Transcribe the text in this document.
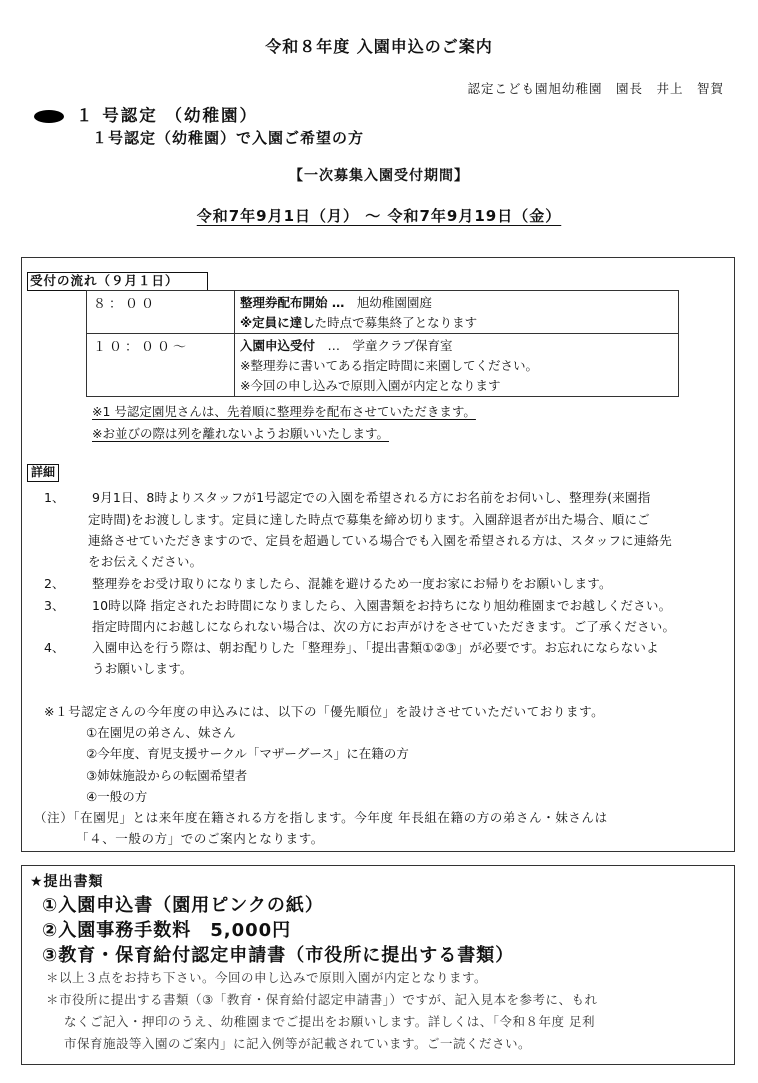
令和８年度 入園申込のご案内
認定こども園旭幼稚園　園長　井上　智賀
１ 号認定 （幼稚園）
１号認定（幼稚園）で入園ご希望の方
【一次募集入園受付期間】
令和7年9月1日（月） 〜 令和7年9月19日（金）
受付の流れ（９月１日）
８：００	整理券配布開始 …　旭幼稚園園庭
※定員に達した時点で募集終了となります

１０：００〜	入園申込受付　…　学童クラブ保育室
※整理券に書いてある指定時間に来園してください。
※今回の申し込みで原則入園が内定となります
※1 号認定園児さんは、先着順に整理券を配布させていただきます。
※お並びの際は列を離れないようお願いいたします。
詳細
1、 9月1日、8時よりスタッフが1号認定での入園を希望される方にお名前をお伺いし、整理券(来園指
定時間)をお渡しします。定員に達した時点で募集を締め切ります。入園辞退者が出た場合、順にご
連絡させていただきますので、定員を超過している場合でも入園を希望される方は、スタッフに連絡先
をお伝えください。
2、 整理券をお受け取りになりましたら、混雑を避けるため一度お家にお帰りをお願いします。
3、 10時以降 指定されたお時間になりましたら、入園書類をお持ちになり旭幼稚園までお越しください。
指定時間内にお越しになられない場合は、次の方にお声がけをさせていただきます。ご了承ください。
4、 入園申込を行う際は、朝お配りした「整理券」、「提出書類①②③」が必要です。お忘れにならないよ
うお願いします。
※１号認定さんの今年度の申込みには、以下の「優先順位」を設けさせていただいております。
①在園児の弟さん、妹さん
②今年度、育児支援サークル「マザーグース」に在籍の方
③姉妹施設からの転園希望者
④一般の方
（注）「在園児」とは来年度在籍される方を指します。今年度 年長組在籍の方の弟さん・妹さんは
「４、一般の方」でのご案内となります。
★提出書類
①入園申込書（園用ピンクの紙）
②入園事務手数料　5,000円
③教育・保育給付認定申請書（市役所に提出する書類）
＊以上３点をお持ち下さい。今回の申し込みで原則入園が内定となります。
＊市役所に提出する書類（③「教育・保育給付認定申請書」）ですが、記入見本を参考に、もれ
なくご記入・押印のうえ、幼稚園までご提出をお願いします。詳しくは、「令和８年度 足利
市保育施設等入園のご案内」に記入例等が記載されています。ご一読ください。
